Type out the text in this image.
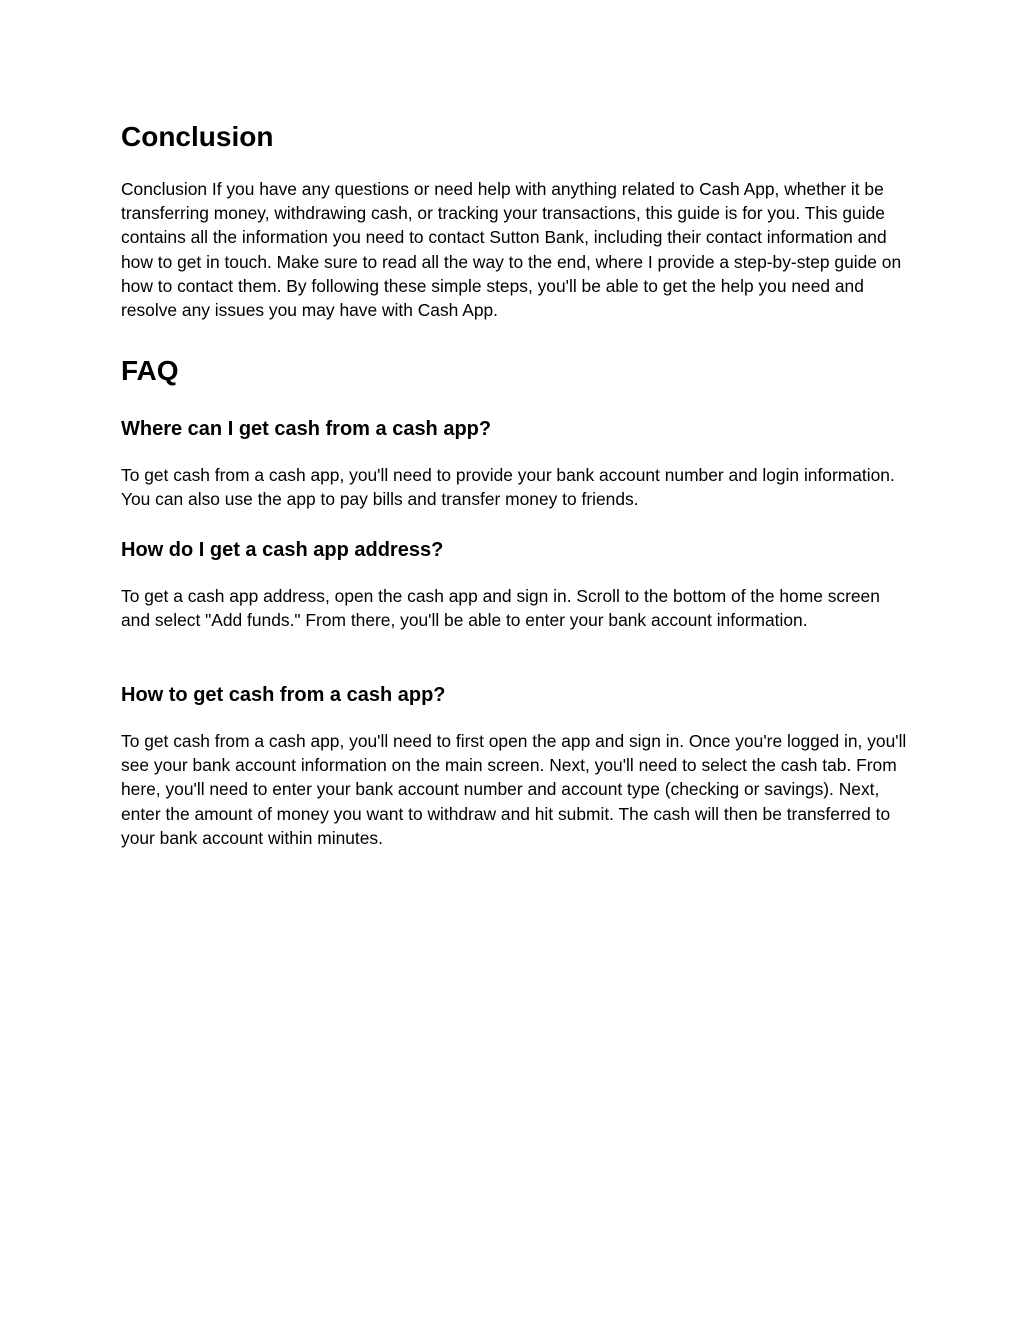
Conclusion

Conclusion If you have any questions or need help with anything related to Cash App, whether it be transferring money, withdrawing cash, or tracking your transactions, this guide is for you. This guide contains all the information you need to contact Sutton Bank, including their contact information and how to get in touch. Make sure to read all the way to the end, where I provide a step-by-step guide on how to contact them. By following these simple steps, you'll be able to get the help you need and resolve any issues you may have with Cash App.

FAQ
Where can I get cash from a cash app?

To get cash from a cash app, you'll need to provide your bank account number and login information. You can also use the app to pay bills and transfer money to friends.

How do I get a cash app address?

To get a cash app address, open the cash app and sign in. Scroll to the bottom of the home screen and select "Add funds." From there, you'll be able to enter your bank account information.

How to get cash from a cash app?

To get cash from a cash app, you'll need to first open the app and sign in. Once you're logged in, you'll see your bank account information on the main screen. Next, you'll need to select the cash tab. From here, you'll need to enter your bank account number and account type (checking or savings). Next, enter the amount of money you want to withdraw and hit submit. The cash will then be transferred to your bank account within minutes.
